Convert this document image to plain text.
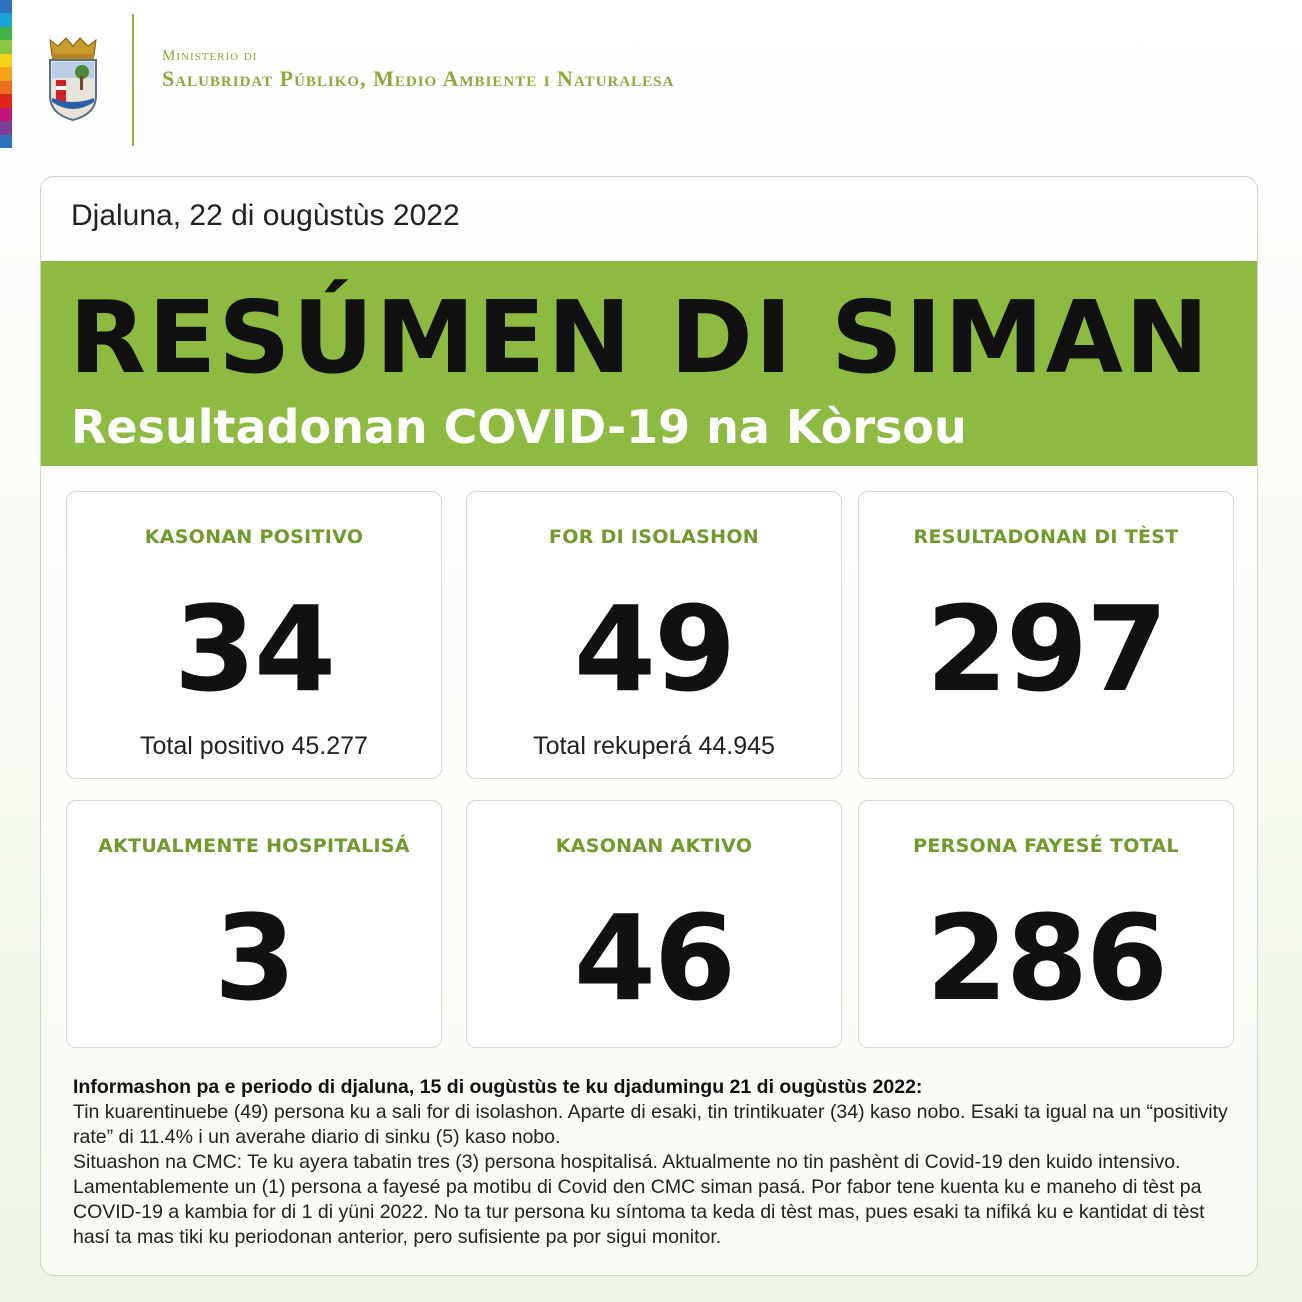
Ministerio di
Salubridat Públiko, Medio Ambiente i Naturalesa
Djaluna, 22 di ougùstùs 2022
RESÚMEN DI SIMAN
Resultadonan COVID-19 na Kòrsou
KASONAN POSITIVO
34
Total positivo 45.277
FOR DI ISOLASHON
49
Total rekuperá 44.945
RESULTADONAN DI TÈST
297
AKTUALMENTE HOSPITALISÁ
3
KASONAN AKTIVO
46
PERSONA FAYESÉ TOTAL
286

Informashon pa e periodo di djaluna, 15 di ougùstùs te ku djadumingu 21 di ougùstùs 2022:

Tin kuarentinuebe (49) persona ku a sali for di isolashon. Aparte di esaki, tin trintikuater (34) kaso nobo. Esaki ta igual na un “positivity rate” di 11.4% i un averahe diario di sinku (5) kaso nobo.

Situashon na CMC: Te ku ayera tabatin tres (3) persona hospitalisá. Aktualmente no tin pashènt di Covid-19 den kuido intensivo. Lamentablemente un (1) persona a fayesé pa motibu di Covid den CMC siman pasá. Por fabor tene kuenta ku e maneho di tèst pa COVID-19 a kambia for di 1 di yüni 2022. No ta tur persona ku síntoma ta keda di tèst mas, pues esaki ta nifiká ku e kantidat di tèst hasí ta mas tiki ku periodonan anterior, pero sufisiente pa por sigui monitor.
